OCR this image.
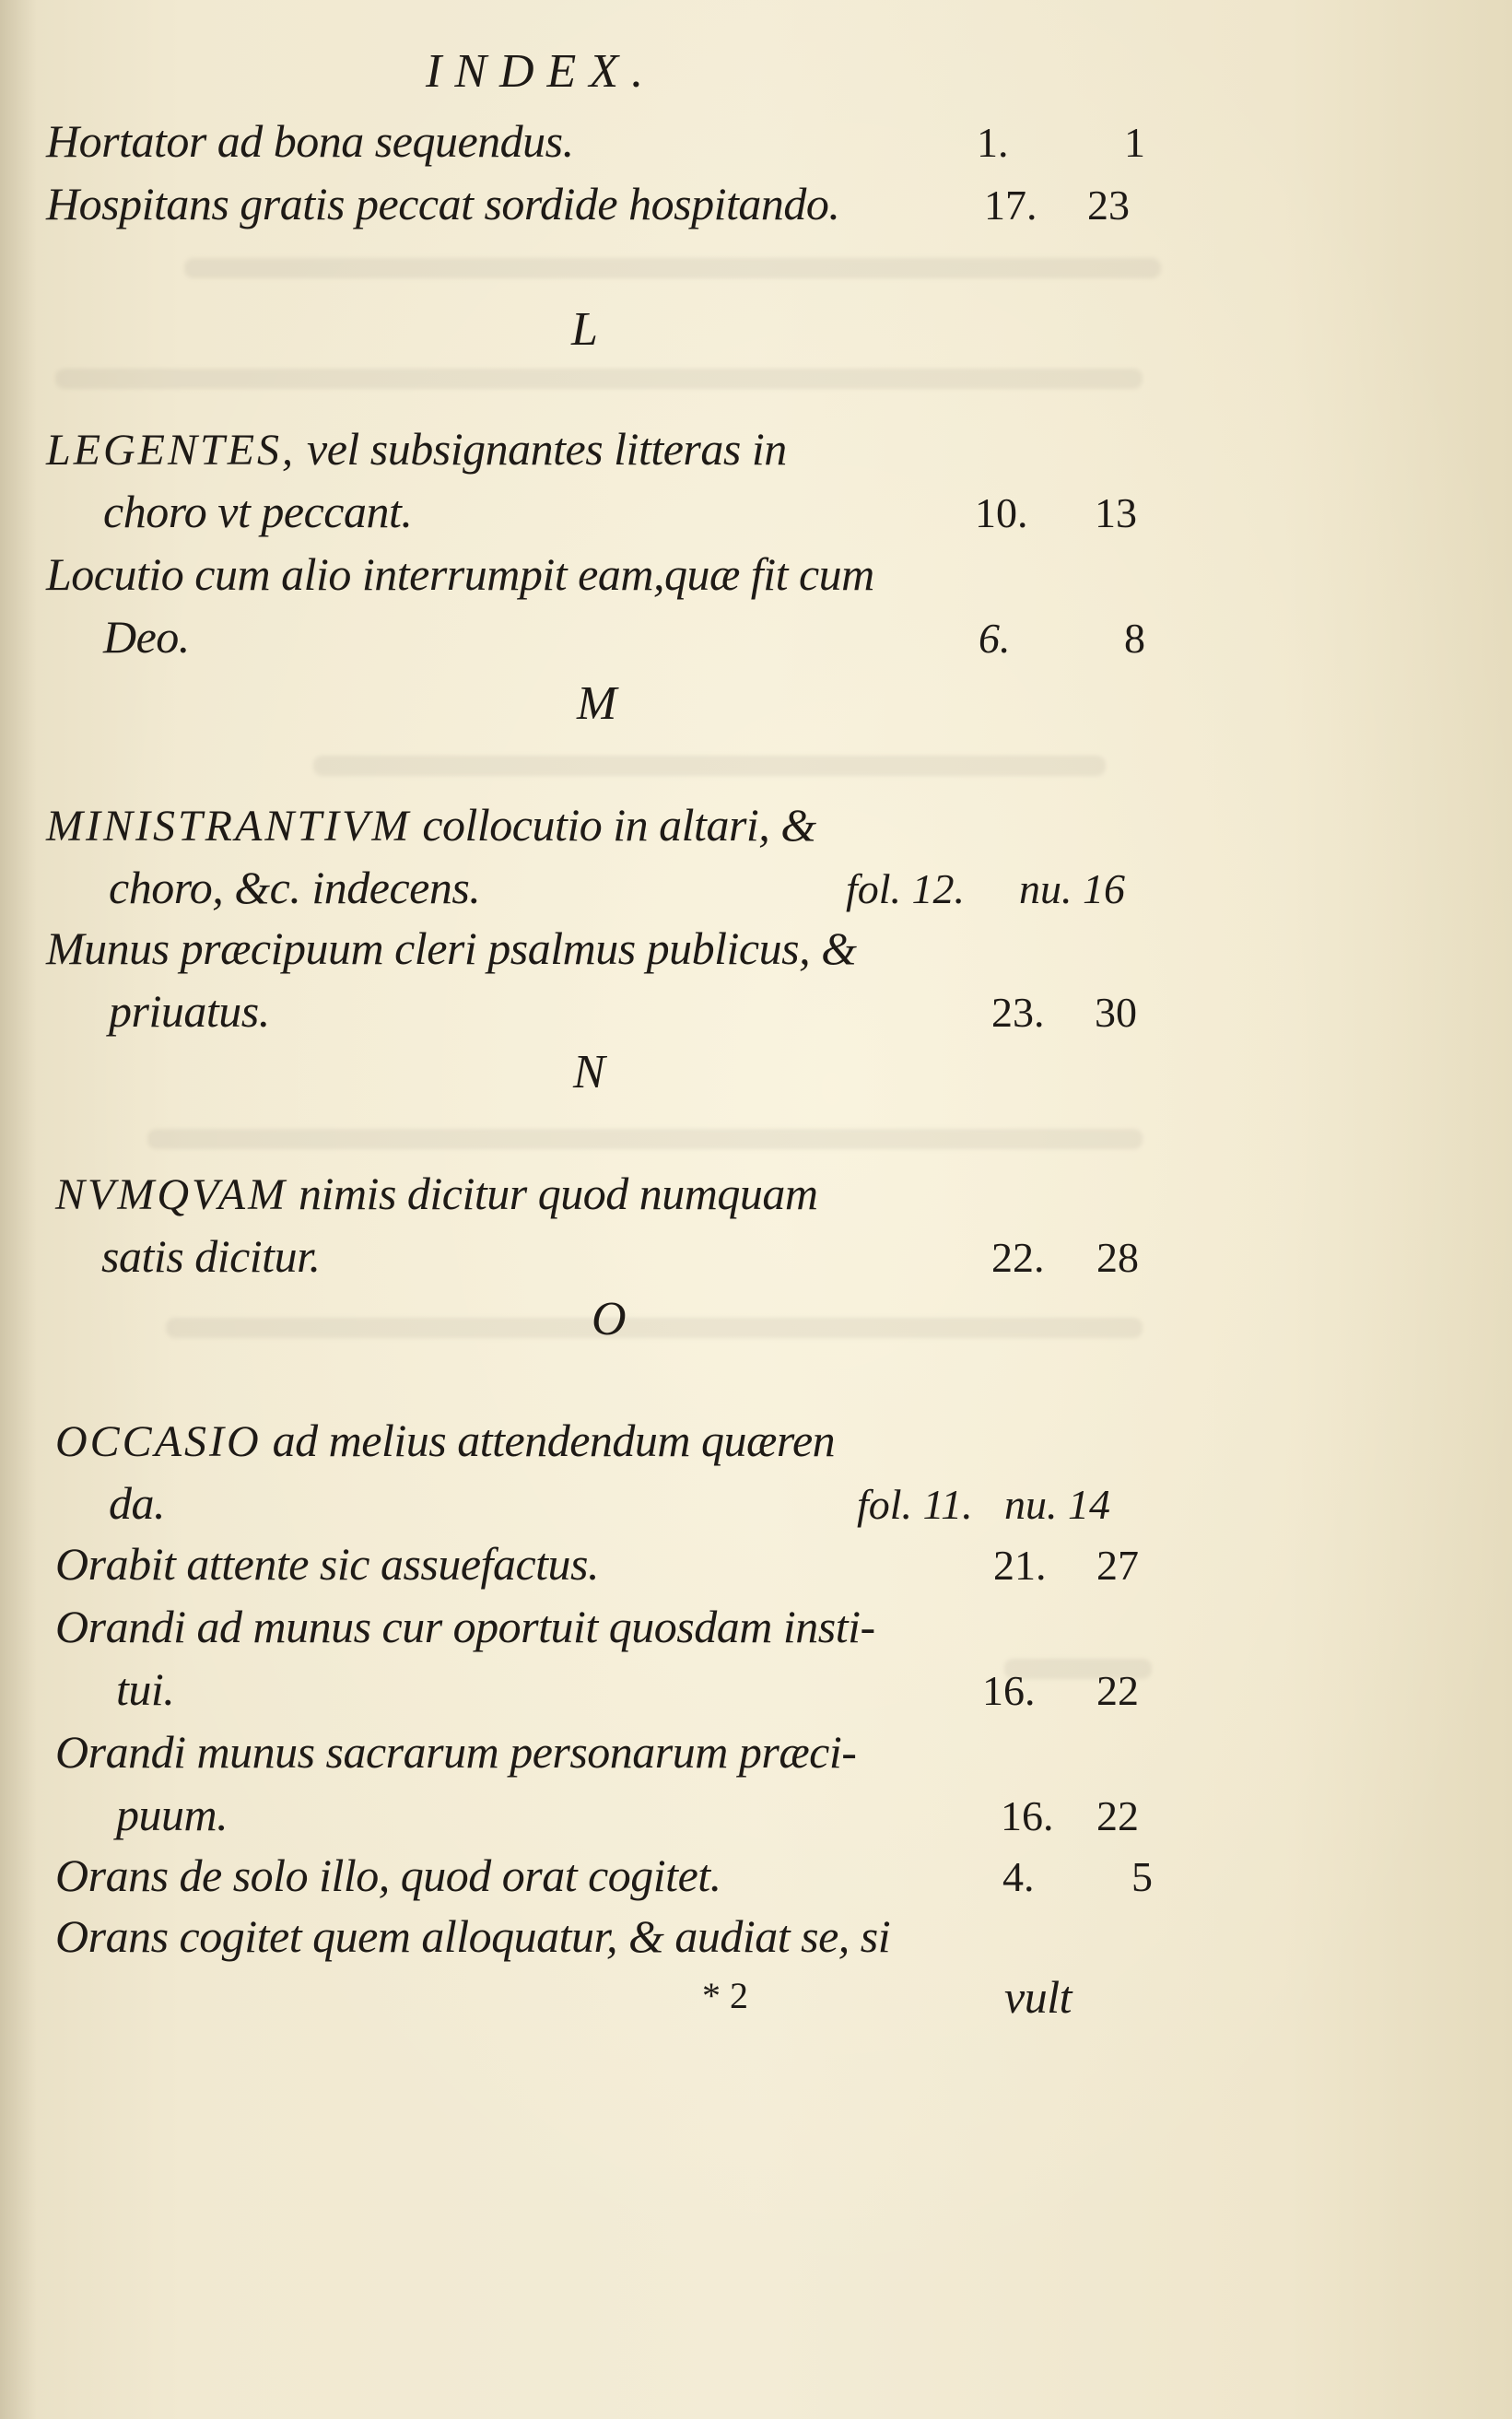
INDEX.
Hortator ad bona sequendus.	1.	1
Hospitans gratis peccat sordide hospitando.	17. 23
L
LEGENTES, vel subsignantes litteras in
choro vt peccant.	10. 13
Locutio cum alio interrumpit eam,quæ fit cum
Deo.	6.	8
M
MINISTRANTIVM collocutio in altari, &
choro, &c. indecens.	fol. 12. nu. 16
Munus præcipuum cleri psalmus publicus, &
priuatus.	23. 30
N
NVMQVAM nimis dicitur quod numquam
satis dicitur.	22. 28
O
OCCASIO ad melius attendendum quæren
da.	fol. 11. nu. 14
Orabit attente sic assuefactus.	21. 27
Orandi ad munus cur oportuit quosdam insti-
tui.	16. 22
Orandi munus sacrarum personarum præci-
puum.	16. 22
Orans de solo illo, quod orat cogitet.	4. 5
Orans cogitet quem alloquatur, & audiat se, si
* 2	vult
